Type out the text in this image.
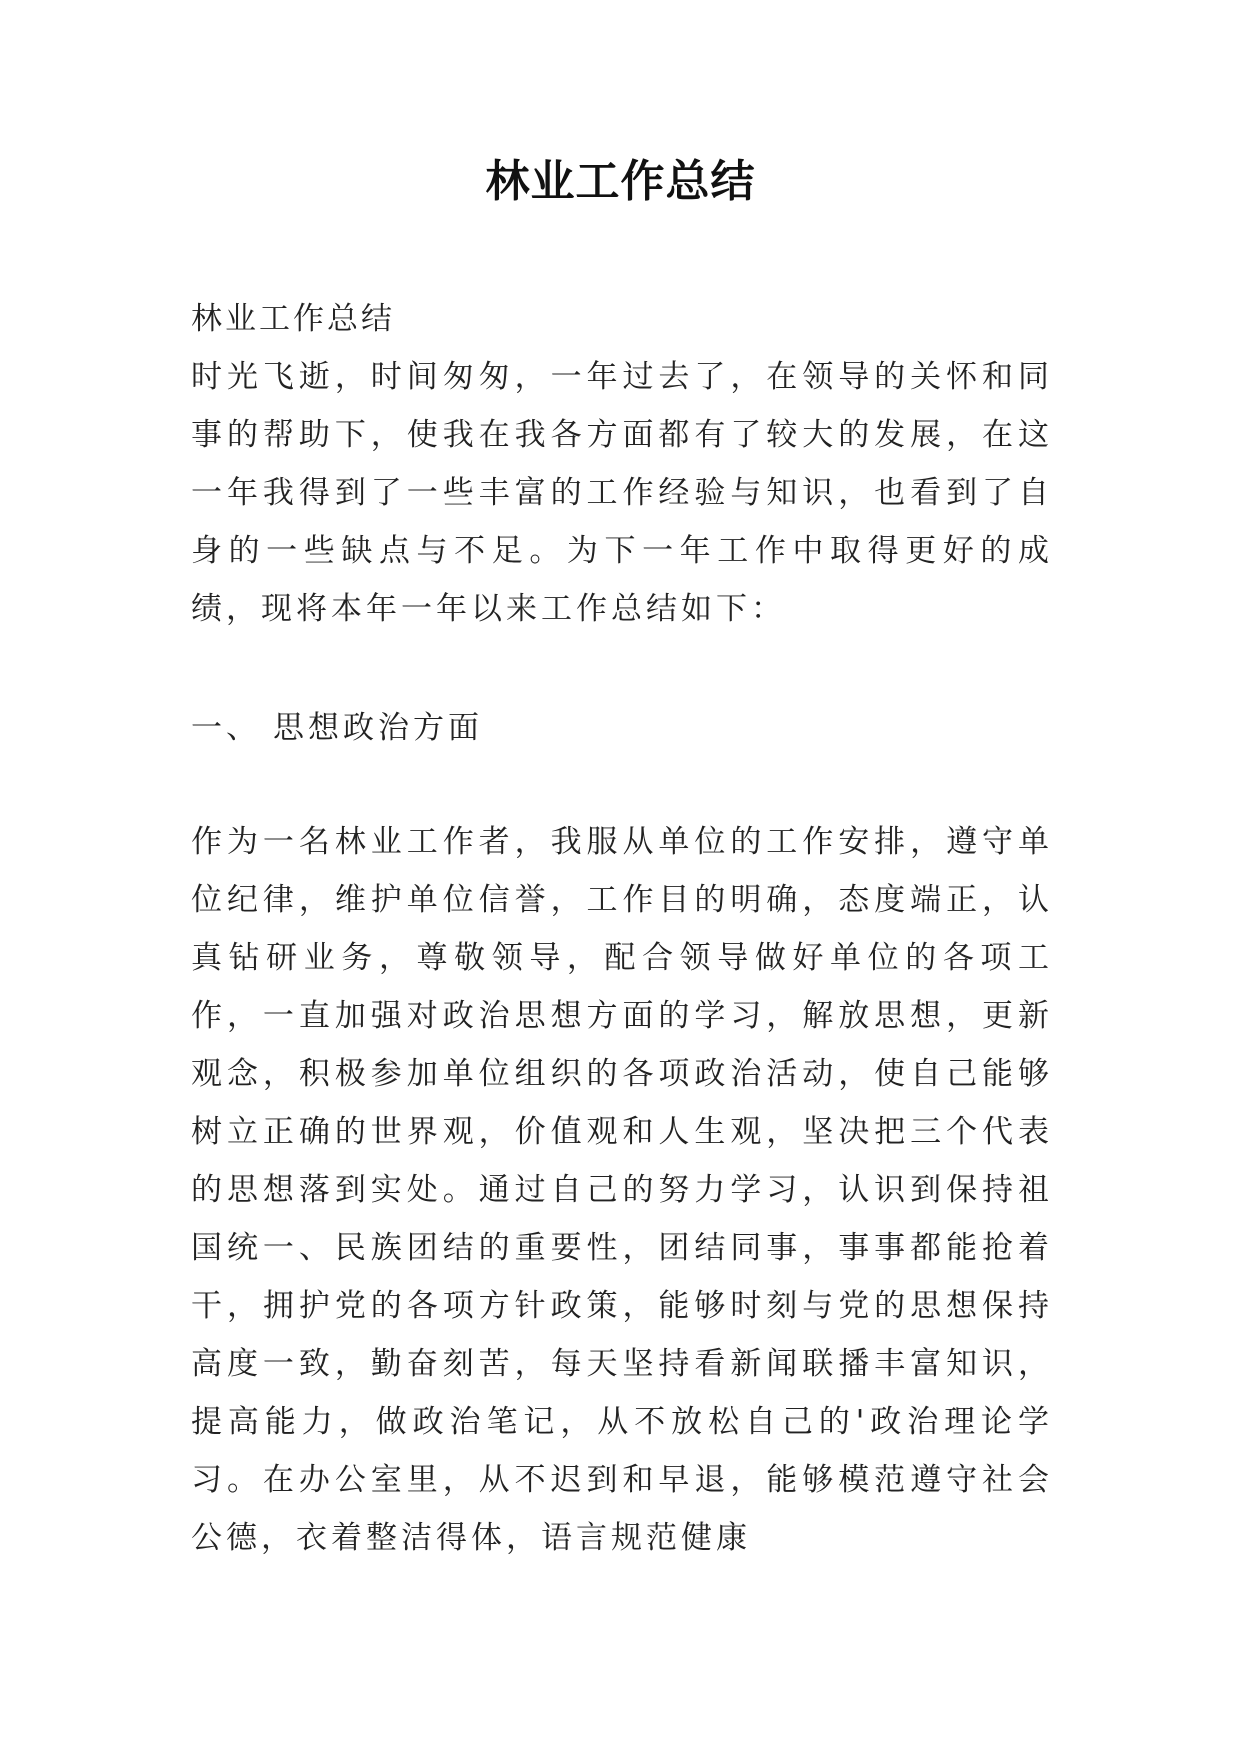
林业工作总结

林业工作总结

时光飞逝，时间匆匆，一年过去了，在领导的关怀和同事的帮助下，使我在我各方面都有了较大的发展，在这一年我得到了一些丰富的工作经验与知识，也看到了自身的一些缺点与不足。为下一年工作中取得更好的成绩，现将本年一年以来工作总结如下：

一、 思想政治方面

作为一名林业工作者，我服从单位的工作安排，遵守单位纪律，维护单位信誉，工作目的明确，态度端正，认真钻研业务，尊敬领导，配合领导做好单位的各项工作，一直加强对政治思想方面的学习，解放思想，更新观念，积极参加单位组织的各项政治活动，使自己能够树立正确的世界观，价值观和人生观，坚决把三个代表的思想落到实处。通过自己的努力学习，认识到保持祖国统一、民族团结的重要性，团结同事，事事都能抢着干，拥护党的各项方针政策，能够时刻与党的思想保持高度一致，勤奋刻苦，每天坚持看新闻联播丰富知识，提高能力，做政治笔记，从不放松自己的'政治理论学习。在办公室里，从不迟到和早退，能够模范遵守社会公德，衣着整洁得体，语言规范健康
